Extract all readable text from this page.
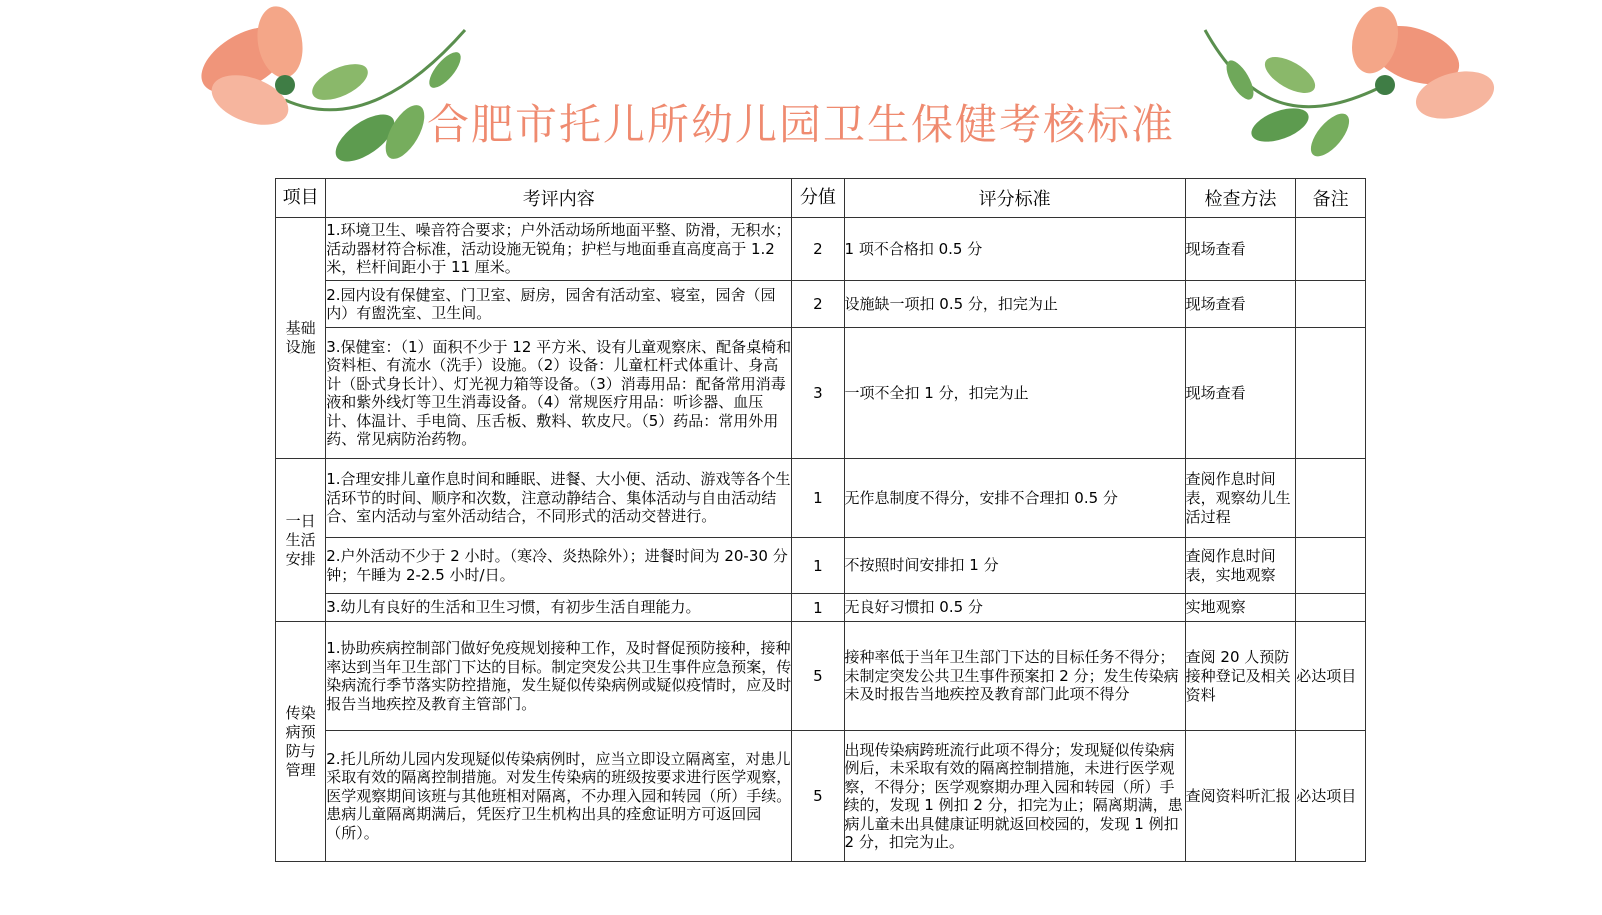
合肥市托儿所幼儿园卫生保健考核标准
项目	考评内容	分值	评分标准	检查方法	备注
基础设施	1.环境卫生、噪音符合要求；户外活动场所地面平整、防滑，无积水；活动器材符合标准，活动设施无锐角；护栏与地面垂直高度高于 1.2 米，栏杆间距小于 11 厘米。	2	1 项不合格扣 0.5 分	现场查看	
	2.园内设有保健室、门卫室、厨房，园舍有活动室、寝室，园舍（园内）有盥洗室、卫生间。	2	设施缺一项扣 0.5 分，扣完为止	现场查看	
	3.保健室：（1）面积不少于 12 平方米、设有儿童观察床、配备桌椅和资料柜、有流水（洗手）设施。（2）设备：儿童杠杆式体重计、身高计（卧式身长计）、灯光视力箱等设备。（3）消毒用品：配备常用消毒液和紫外线灯等卫生消毒设备。（4）常规医疗用品：听诊器、血压计、体温计、手电筒、压舌板、敷料、软皮尺。（5）药品：常用外用药、常见病防治药物。	3	一项不全扣 1 分，扣完为止	现场查看	
一日生活安排	1.合理安排儿童作息时间和睡眠、进餐、大小便、活动、游戏等各个生活环节的时间、顺序和次数，注意动静结合、集体活动与自由活动结合、室内活动与室外活动结合，不同形式的活动交替进行。	1	无作息制度不得分，安排不合理扣 0.5 分	查阅作息时间表，观察幼儿生活过程	
	2.户外活动不少于 2 小时。（寒冷、炎热除外）；进餐时间为 20-30 分钟；午睡为 2-2.5 小时/日。	1	不按照时间安排扣 1 分	查阅作息时间表，实地观察	
	3.幼儿有良好的生活和卫生习惯，有初步生活自理能力。	1	无良好习惯扣 0.5 分	实地观察	
传染病预防与管理	1.协助疾病控制部门做好免疫规划接种工作，及时督促预防接种，接种率达到当年卫生部门下达的目标。制定突发公共卫生事件应急预案，传染病流行季节落实防控措施，发生疑似传染病例或疑似疫情时，应及时报告当地疾控及教育主管部门。	5	接种率低于当年卫生部门下达的目标任务不得分；未制定突发公共卫生事件预案扣 2 分；发生传染病未及时报告当地疾控及教育部门此项不得分	查阅 20 人预防接种登记及相关资料	必达项目
	2.托儿所幼儿园内发现疑似传染病例时，应当立即设立隔离室，对患儿采取有效的隔离控制措施。对发生传染病的班级按要求进行医学观察，医学观察期间该班与其他班相对隔离，不办理入园和转园（所）手续。患病儿童隔离期满后，凭医疗卫生机构出具的痊愈证明方可返回园（所）。	5	出现传染病跨班流行此项不得分；发现疑似传染病例后，未采取有效的隔离控制措施，未进行医学观察，不得分；医学观察期办理入园和转园（所）手续的，发现 1 例扣 2 分，扣完为止；隔离期满，患病儿童未出具健康证明就返回校园的，发现 1 例扣 2 分，扣完为止。	查阅资料听汇报	必达项目
